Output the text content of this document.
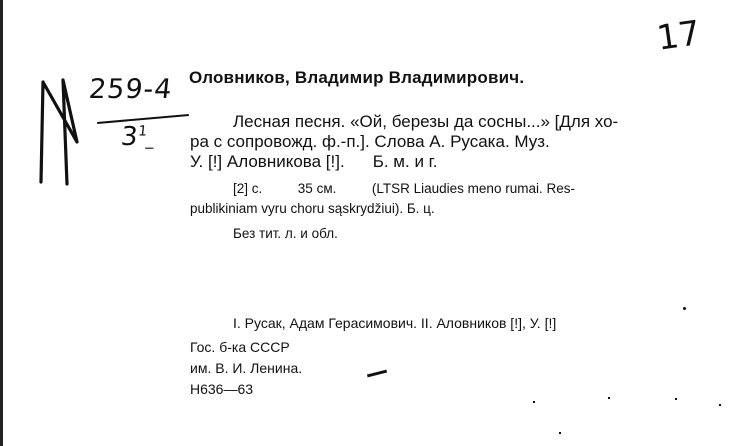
259-4
$3^1\_$
17
Оловников, Владимир Владимирович.
Лесная песня. «Ой, березы да сосны...» [Для хо-
ра с сопровожд. ф.-п.]. Слова А. Русака. Муз.
У. [!] Аловникова [!]. Б. м. и г.
[2] с.	35 см.	(LTSR Liaudies meno rumai. Res-
publikiniam vyru choru sąskrydžiui). Б. ц.
Без тит. л. и обл.
I. Русак, Адам Герасимович. II. Аловников [!], У. [!]
Гос. б-ка СССР
им. В. И. Ленина.
Н636—63
